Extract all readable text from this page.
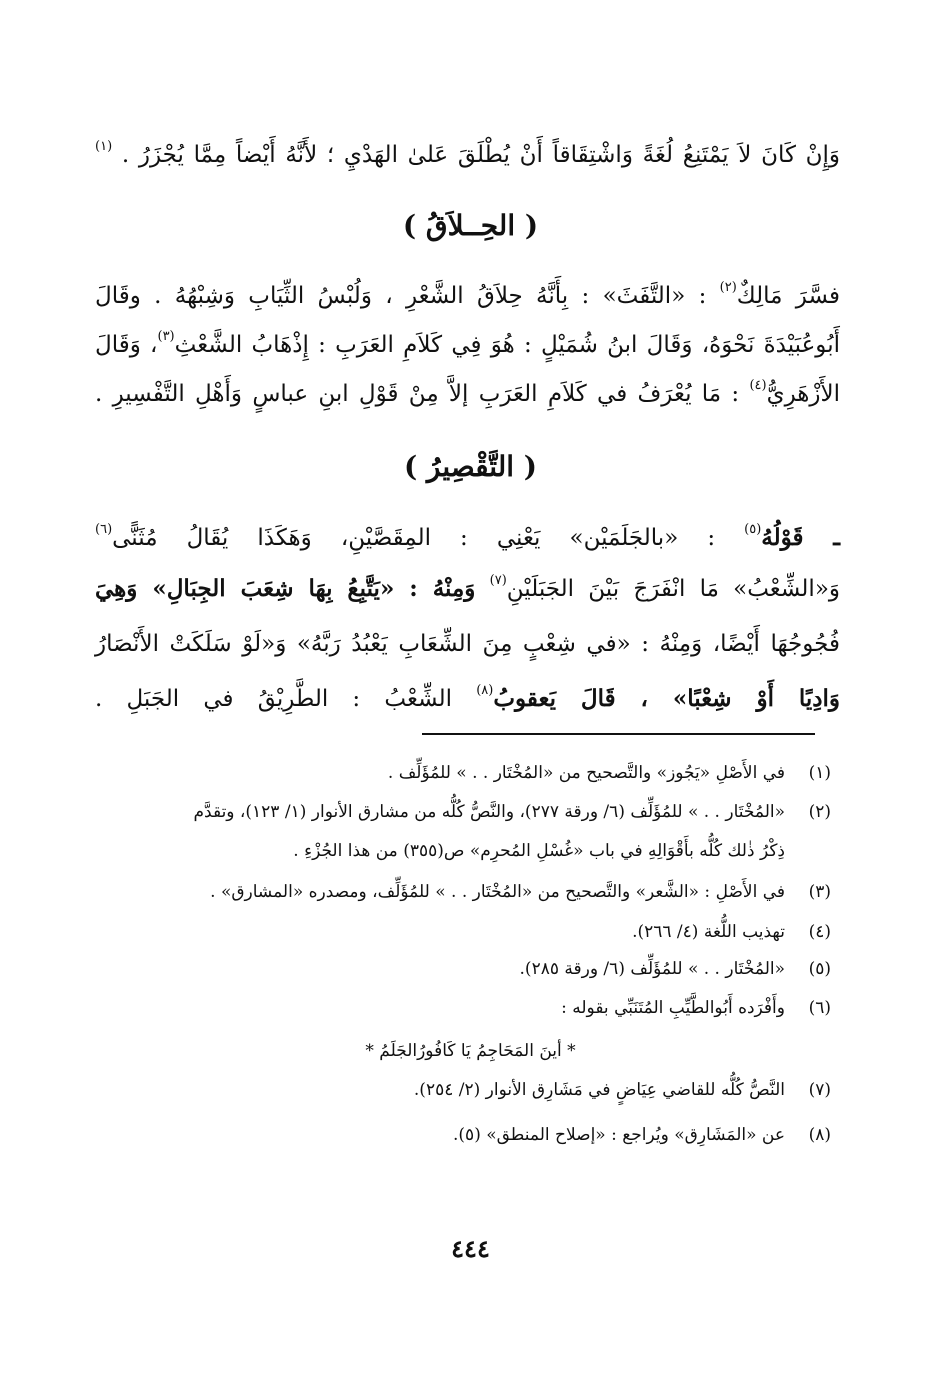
وَإِنْ كَانَ لاَ يَمْتَنِعُ لُغَةً وَاشْتِقَاقاً أَنْ يُطْلَقَ عَلىٰ الهَدْيِ ؛ لأَنَّهُ أَيْضاً مِمَّا يُجْزَرُ . $^{(١)}$

( الحِــلاَقُ )

فسَّرَ مَالِكٌ$^{(٢)}$ : «التَّفَثَ» : بِأَنَّهُ حِلاَقُ الشَّعْرِ ، وَلُبْسُ الثِّيَابِ وَشِبْهُهُ . وقَالَ

أَبُوعُبَيْدَةَ نَحْوَهُ، وَقَالَ ابنُ شُمَيْلٍ : هُوَ فِي كَلاَمِ العَرَبِ : إِذْهَابُ الشَّعْثِ$^{(٣)}$، وَقَالَ

الأَزْهَرِيُّ$^{(٤)}$ : مَا يُعْرَفُ في كَلاَمِ العَرَبِ إلاَّ مِنْ قَوْلِ ابنِ عباسٍ وَأَهْلِ التَّفْسِيرِ .

( التَّقْصِيرُ )

ـ قَوْلُهُ$^{(٥)}$ : «بالجَلَمَيْن» يَعْنِي : المِقَصَّيْنِ، وَهَكَذَا يُقَالُ مُثَنًّى$^{(٦)}$

وَ«الشِّعْبُ» مَا انْفَرَجَ بَيْنَ الجَبَلَيْنِ$^{(٧)}$ وَمِنْهُ : «يَتَّبِعُ بِهَا شِعَبَ الجِبَالِ» وَهِيَ

فُجُوجُهَا أَيْضًا، وَمِنْهُ : «في شِعْبٍ مِنَ الشِّعَابِ يَعْبُدُ رَبَّهُ» وَ«لَوْ سَلَكَتْ الأَنْصَارُ

وَادِيًا أَوْ شِعْبًا» ، قَالَ يَعقوبُ$^{(٨)}$ الشِّعْبُ : الطَّرِيْقُ في الجَبَلِ .

(١)في الأَصْلِ «يَجُوز» والتَّصحيح من «المُخْتَار . . » للمُؤَلِّف .

(٢)«المُخْتَار . . » للمُؤَلِّف (٦/ ورقة ٢٧٧)، والنَّصُّ كُلُّه من مشارق الأنوار (١/ ١٢٣)، وتقدَّم

ذِكْرُ ذٰلك كُلُّه بأَقْوَالِهِ في باب «غُسْلِ المُحرِم» ص(٣٥٥) من هذا الجُزْءِ .

(٣)في الأَصْلِ : «الشَّعر» والتَّصحيح من «المُخْتَار . . » للمُؤَلِّف، ومصدره «المشارق» .

(٤)تهذيب اللُّغة (٤/ ٢٦٦).

(٥)«المُخْتَار . . » للمُؤَلِّف (٦/ ورقة ٢٨٥).

(٦)وأَفْرَده أَبُوالطَّيِّبِ المُتَنَبِّي بقوله :

* أينَ المَحَاجِمُ يَا كَافُورُالجَلَمُ *

(٧)النَّصُّ كُلُّه للقاضي عِيَاضٍ في مَشَارِق الأنوار (٢/ ٢٥٤).

(٨)عن «المَشَارِق» ويُراجع : «إصلاح المنطق» (٥).

٤٤٤
